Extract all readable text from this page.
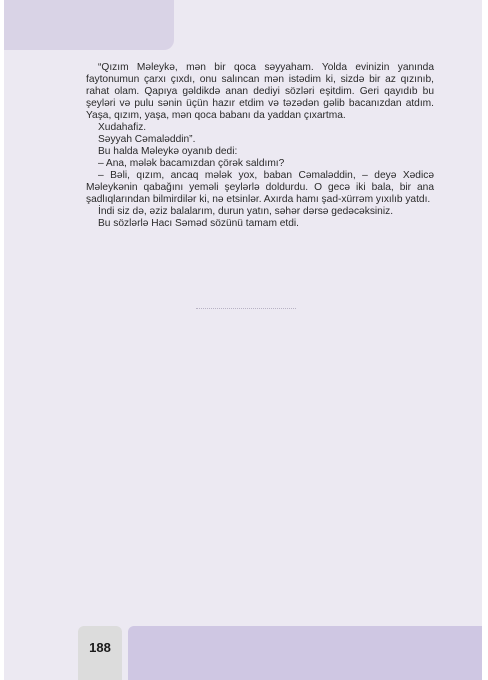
“Qızım Məleykə, mən bir qoca səyyaham. Yolda evinizin yanında faytonumun çarxı çıxdı, onu salıncan mən istədim ki, sizdə bir az qızınıb, rahat olam. Qapıya gəldikdə anan dediyi sözləri eşitdim. Geri qayıdıb bu şeyləri və pulu sənin üçün hazır etdim və təzədən gəlib bacanızdan atdım. Yaşa, qızım, yaşa, mən qoca babanı da yaddan çıxartma.

Xudahafiz.

Səyyah Cəmaləddin”.

Bu halda Məleykə oyanıb dedi:

– Ana, mələk bacamızdan çörək saldımı?

– Bəli, qızım, ancaq mələk yox, baban Cəmaləddin, – deyə Xədicə Məleykənin qabağını yeməli şeylərlə doldurdu. O gecə iki bala, bir ana şadlıqlarından bilmirdilər ki, nə etsinlər. Axırda hamı şad-xürrəm yıxılıb yatdı.

İndi siz də, əziz balalarım, durun yatın, səhər dərsə gedəcəksiniz.

Bu sözlərlə Hacı Səməd sözünü tamam etdi.

188
